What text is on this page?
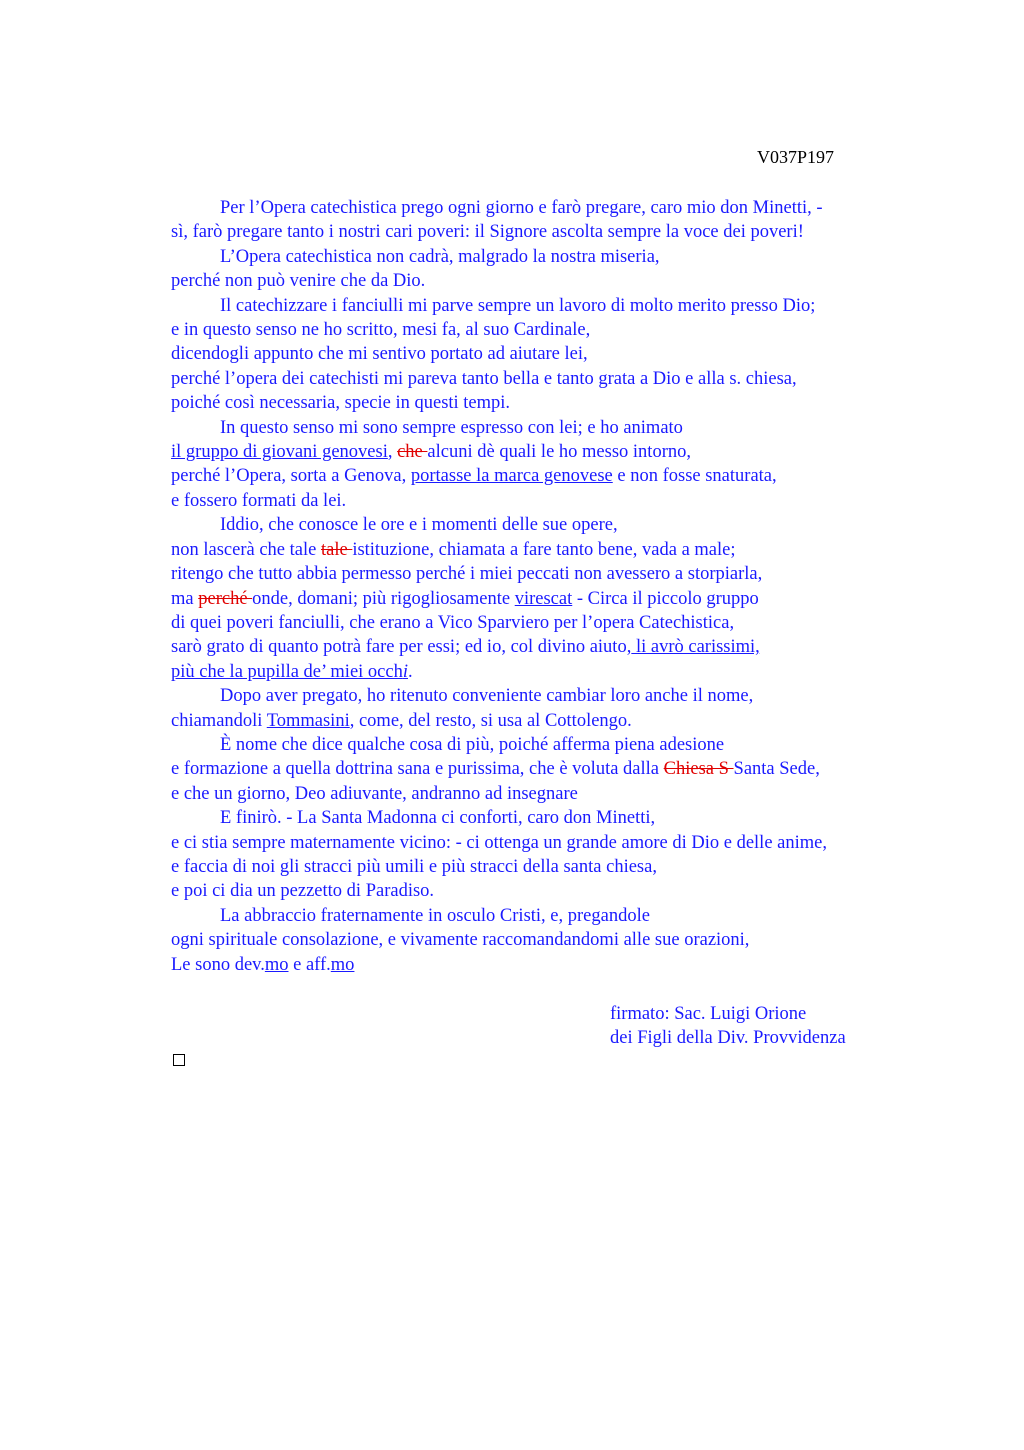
V037P197
Per l’Opera catechistica prego ogni giorno e farò pregare, caro mio don Minetti, -
sì, farò pregare tanto i nostri cari poveri: il Signore ascolta sempre la voce dei poveri!
L’Opera catechistica non cadrà, malgrado la nostra miseria,
perché non può venire che da Dio.
Il catechizzare i fanciulli mi parve sempre un lavoro di molto merito presso Dio;
e in questo senso ne ho scritto, mesi fa, al suo Cardinale,
dicendogli appunto che mi sentivo portato ad aiutare lei,
perché l’opera dei catechisti mi pareva tanto bella e tanto grata a Dio e alla s. chiesa,
poiché così necessaria, specie in questi tempi.
In questo senso mi sono sempre espresso con lei; e ho animato
il gruppo di giovani genovesi, che alcuni dè quali le ho messo intorno,
perché l’Opera, sorta a Genova, portasse la marca genovese e non fosse snaturata,
e fossero formati da lei.
Iddio, che conosce le ore e i momenti delle sue opere,
non lascerà che tale tale istituzione, chiamata a fare tanto bene, vada a male;
ritengo che tutto abbia permesso perché i miei peccati non avessero a storpiarla,
ma perché onde, domani; più rigogliosamente virescat - Circa il piccolo gruppo
di quei poveri fanciulli, che erano a Vico Sparviero per l’opera Catechistica,
sarò grato di quanto potrà fare per essi; ed io, col divino aiuto, li avrò carissimi,
più che la pupilla de’ miei occhi.
Dopo aver pregato, ho ritenuto conveniente cambiar loro anche il nome,
chiamandoli Tommasini, come, del resto, si usa al Cottolengo.
È nome che dice qualche cosa di più, poiché afferma piena adesione
e formazione a quella dottrina sana e purissima, che è voluta dalla Chiesa S Santa Sede,
e che un giorno, Deo adiuvante, andranno ad insegnare
E finirò. - La Santa Madonna ci conforti, caro don Minetti,
e ci stia sempre maternamente vicino: - ci ottenga un grande amore di Dio e delle anime,
e faccia di noi gli stracci più umili e più stracci della santa chiesa,
e poi ci dia un pezzetto di Paradiso.
La abbraccio fraternamente in osculo Cristi, e, pregandole
ogni spirituale consolazione, e vivamente raccomandandomi alle sue orazioni,
Le sono dev.mo e aff.mo
firmato: Sac. Luigi Orione
dei Figli della Div. Provvidenza
